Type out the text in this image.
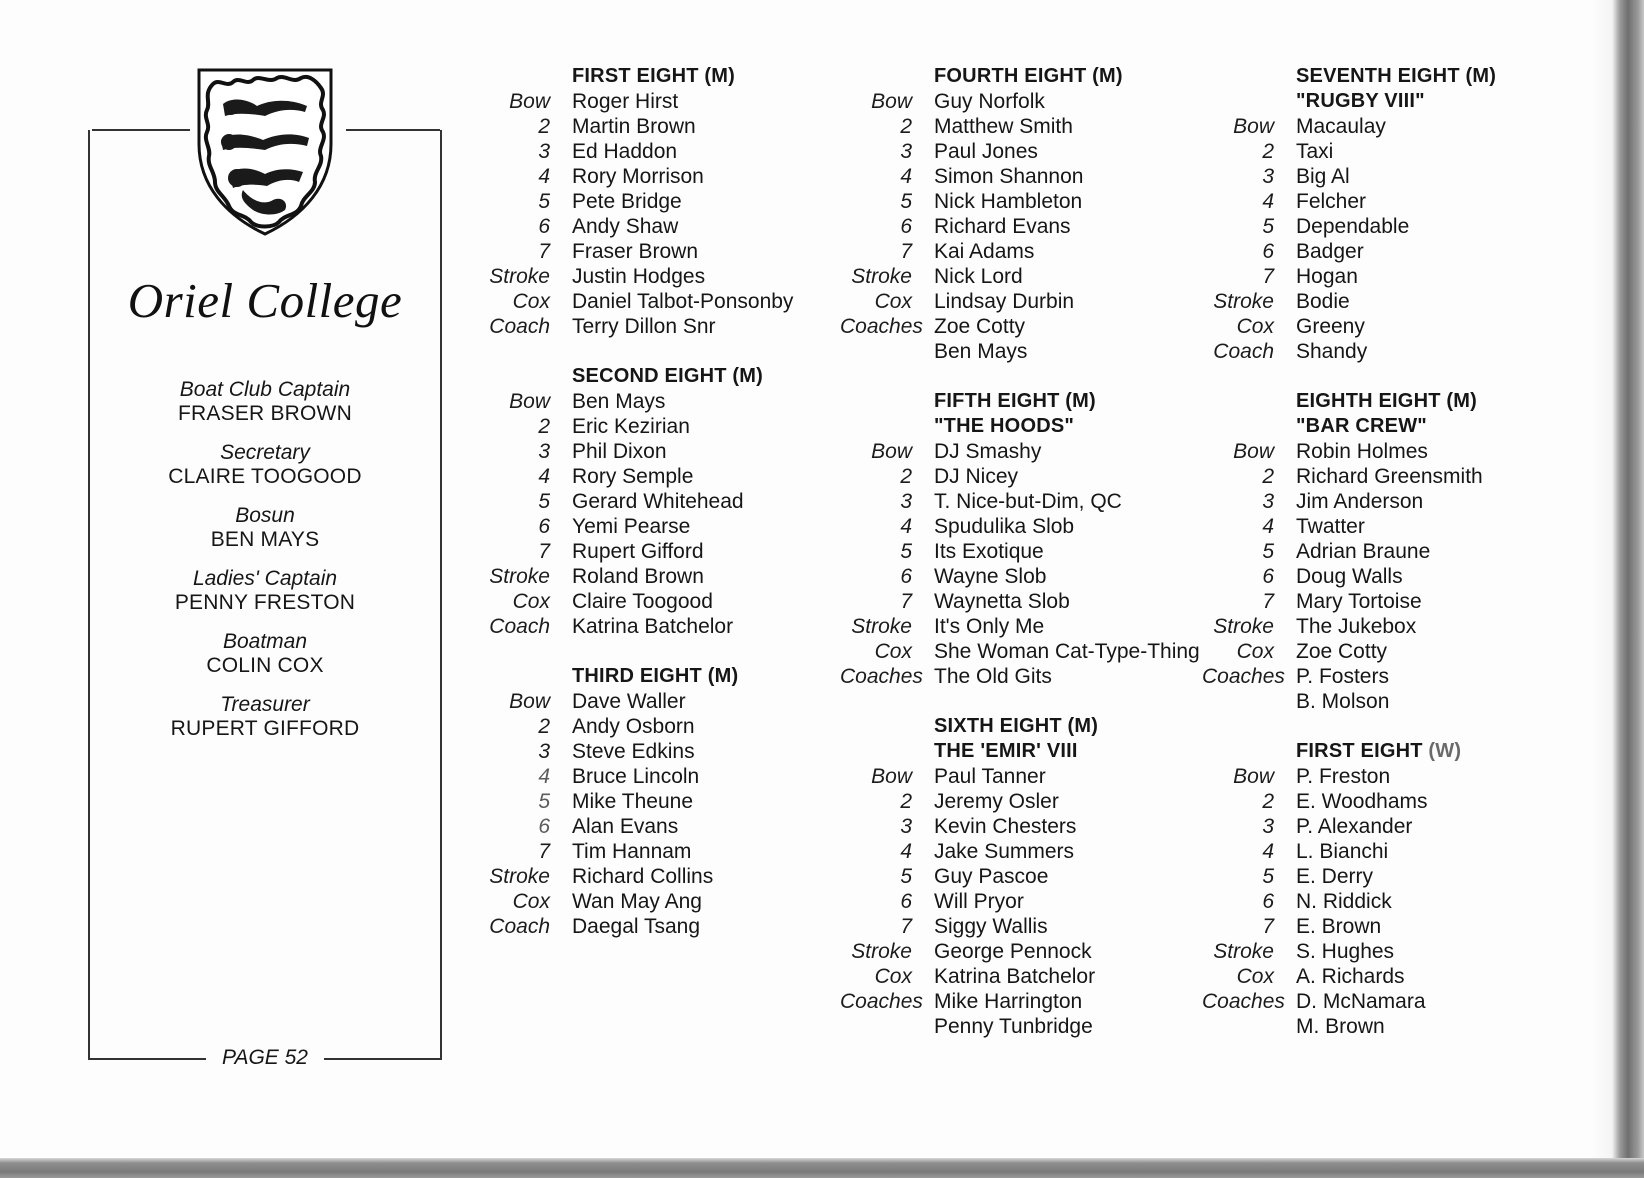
Oriel College
Boat Club Captain
FRASER BROWN
Secretary
CLAIRE TOOGOOD
Bosun
BEN MAYS
Ladies' Captain
PENNY FRESTON
Boatman
COLIN COX
Treasurer
RUPERT GIFFORD
PAGE 52
FIRST EIGHT (M)
Bow	Roger Hirst
2	Martin Brown
3	Ed Haddon
4	Rory Morrison
5	Pete Bridge
6	Andy Shaw
7	Fraser Brown
Stroke	Justin Hodges
Cox	Daniel Talbot-Ponsonby
Coach	Terry Dillon Snr
SECOND EIGHT (M)
Bow	Ben Mays
2	Eric Kezirian
3	Phil Dixon
4	Rory Semple
5	Gerard Whitehead
6	Yemi Pearse
7	Rupert Gifford
Stroke	Roland Brown
Cox	Claire Toogood
Coach	Katrina Batchelor
THIRD EIGHT (M)
Bow	Dave Waller
2	Andy Osborn
3	Steve Edkins
4	Bruce Lincoln
5	Mike Theune
6	Alan Evans
7	Tim Hannam
Stroke	Richard Collins
Cox	Wan May Ang
Coach	Daegal Tsang
FOURTH EIGHT (M)
Bow	Guy Norfolk
2	Matthew Smith
3	Paul Jones
4	Simon Shannon
5	Nick Hambleton
6	Richard Evans
7	Kai Adams
Stroke	Nick Lord
Cox	Lindsay Durbin
Coaches Zoe Cotty
Ben Mays
FIFTH EIGHT (M)
"THE HOODS"
Bow	DJ Smashy
2	DJ Nicey
3	T. Nice-but-Dim, QC
4	Spudulika Slob
5	Its Exotique
6	Wayne Slob
7	Waynetta Slob
Stroke	It's Only Me
Cox	She Woman Cat-Type-Thing
Coaches The Old Gits
SIXTH EIGHT (M)
THE 'EMIR' VIII
Bow	Paul Tanner
2	Jeremy Osler
3	Kevin Chesters
4	Jake Summers
5	Guy Pascoe
6	Will Pryor
7	Siggy Wallis
Stroke	George Pennock
Cox	Katrina Batchelor
Coaches Mike Harrington
Penny Tunbridge
SEVENTH EIGHT (M)
"RUGBY VIII"
Bow	Macaulay
2	Taxi
3	Big Al
4	Felcher
5	Dependable
6	Badger
7	Hogan
Stroke	Bodie
Cox	Greeny
Coach	Shandy
EIGHTH EIGHT (M)
"BAR CREW"
Bow	Robin Holmes
2	Richard Greensmith
3	Jim Anderson
4	Twatter
5	Adrian Braune
6	Doug Walls
7	Mary Tortoise
Stroke	The Jukebox
Cox	Zoe Cotty
Coaches P. Fosters
B. Molson
FIRST EIGHT (W)
Bow	P. Freston
2	E. Woodhams
3	P. Alexander
4	L. Bianchi
5	E. Derry
6	N. Riddick
7	E. Brown
Stroke	S. Hughes
Cox	A. Richards
Coaches D. McNamara
M. Brown
